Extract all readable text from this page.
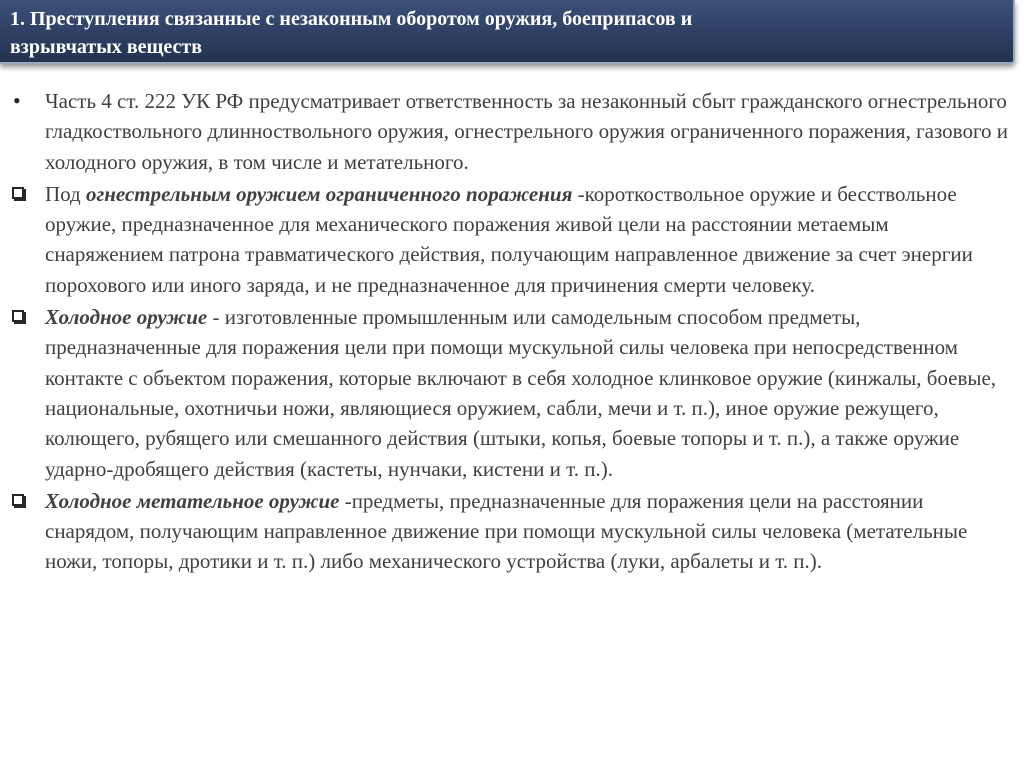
1. Преступления связанные с незаконным оборотом оружия, боеприпасов и
взрывчатых веществ
•	Часть 4 ст. 222 УК РФ предусматривает ответственность за незаконный сбыт гражданского огнестрельного гладкоствольного длинноствольного оружия, огнестрельного оружия ограниченного поражения, газового и холодного оружия, в том числе и метательного.
Под огнестрельным оружием ограниченного поражения -короткоствольное оружие и бесствольное оружие, предназначенное для механического поражения живой цели на расстоянии метаемым снаряжением патрона травматического действия, получающим направленное движение за счет энергии порохового или иного заряда, и не предназначенное для причинения смерти человеку.
Холодное оружие - изготовленные промышленным или самодельным способом предметы, предназначенные для поражения цели при помощи мускульной силы человека при непосредственном контакте с объектом поражения, которые включают в себя холодное клинковое оружие (кинжалы, боевые, национальные, охотничьи ножи, являющиеся оружием, сабли, мечи и т. п.), иное оружие режущего, колющего, рубящего или смешанного действия (штыки, копья, боевые топоры и т. п.), а также оружие ударно-дробящего действия (кастеты, нунчаки, кистени и т. п.).
Холодное метательное оружие -предметы, предназначенные для поражения цели на расстоянии снарядом, получающим направленное движение при помощи мускульной силы человека (метательные ножи, топоры, дротики и т. п.) либо механического устройства (луки, арбалеты и т. п.).
